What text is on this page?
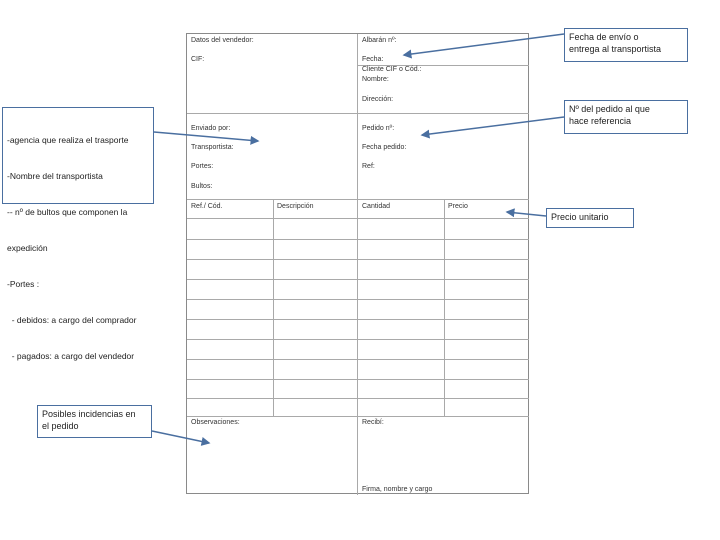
Datos del vendedor:
CIF:
Albarán nº:
Fecha:
Cliente CIF o Cód.:
Nombre:
Dirección:
Enviado por:
Transportista:
Portes:
Bultos:
Pedido nº:
Fecha pedido:
Ref:
Ref./ Cód.	Descripción	Cantidad	Precio
Observaciones:	Recibí:
Firma, nombre y cargo

-agencia que realiza el trasporte

-Nombre del transportista

-- nº de bultos que componen la

expedición

-Portes :

- debidos: a cargo del comprador

- pagados: a cargo del vendedor

Posibles incidencias en
el pedido
Fecha de envío o
entrega al transportista
Nº del pedido al que
hace referencia
Precio unitario
